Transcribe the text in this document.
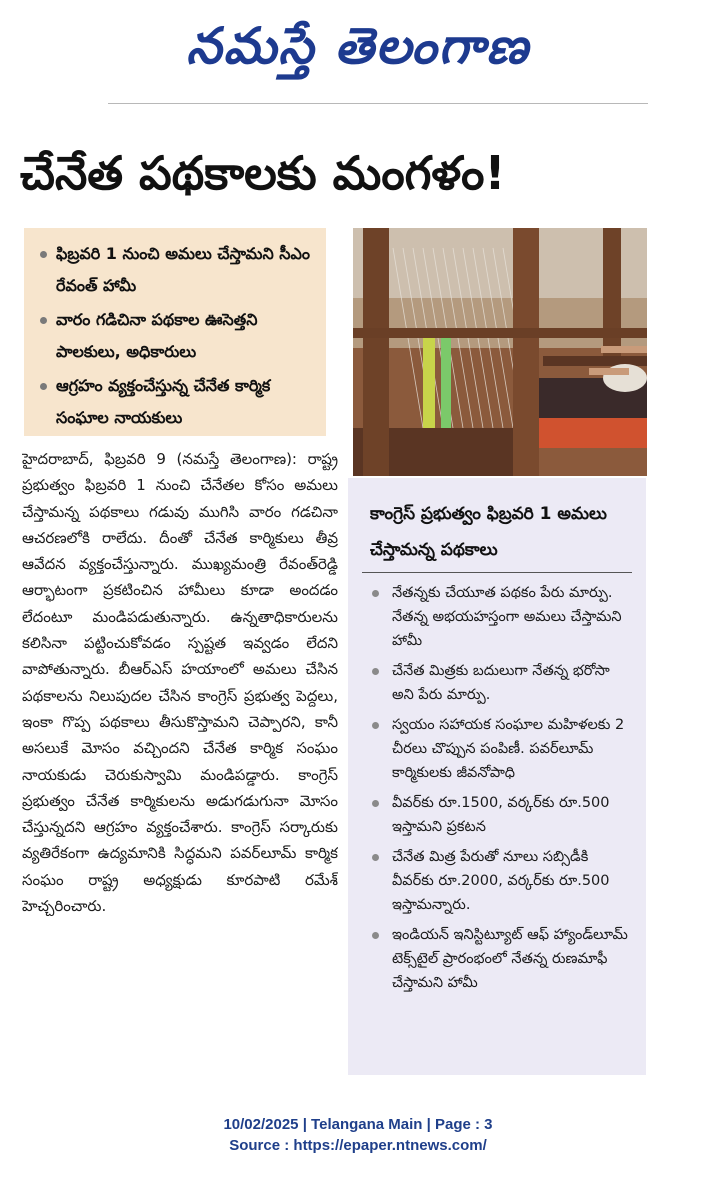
నమస్తే తెలంగాణ
చేనేత పథకాలకు మంగళం!
ఫిబ్రవరి 1 నుంచి అమలు చేస్తామని సీఎం రేవంత్ హామీ
వారం గడిచినా పథకాల ఊసెత్తని పాలకులు, అధికారులు
ఆగ్రహం వ్యక్తంచేస్తున్న చేనేత కార్మిక సంఘాల నాయకులు
హైదరాబాద్, ఫిబ్రవరి 9 (నమస్తే తెలంగాణ): రాష్ట్ర ప్రభుత్వం ఫిబ్రవరి 1 నుంచి చేనేతల కోసం అమలు చేస్తామన్న పథకాలు గడువు ముగిసి వారం గడచినా ఆచరణలోకి రాలేదు. దీంతో చేనేత కార్మికులు తీవ్ర ఆవేదన వ్యక్తంచేస్తున్నారు. ముఖ్యమంత్రి రేవంత్‌రెడ్డి ఆర్భాటంగా ప్రకటించిన హామీలు కూడా అందడం లేదంటూ మండిపడుతున్నారు. ఉన్నతాధికారులను కలిసినా పట్టించుకోవడం స్పష్టత ఇవ్వడం లేదని వాపోతున్నారు. బీఆర్‌ఎస్ హయాంలో అమలు చేసిన పథకాలను నిలుపుదల చేసిన కాంగ్రెస్ ప్రభుత్వ పెద్దలు, ఇంకా గొప్ప పథకాలు తీసుకొస్తామని చెప్పారని, కానీ అసలుకే మోసం వచ్చిందని చేనేత కార్మిక సంఘం నాయకుడు చెరుకుస్వామి మండిపడ్డారు. కాంగ్రెస్ ప్రభుత్వం చేనేత కార్మికులను అడుగడుగునా మోసం చేస్తున్నదని ఆగ్రహం వ్యక్తంచేశారు. కాంగ్రెస్ సర్కారుకు వ్యతిరేకంగా ఉద్యమానికి సిద్ధమని పవర్‌లూమ్ కార్మిక సంఘం రాష్ట్ర అధ్యక్షుడు కూరపాటి రమేశ్ హెచ్చరించారు.
కాంగ్రెస్ ప్రభుత్వం ఫిబ్రవరి 1 అమలు చేస్తామన్న పథకాలు
నేతన్నకు చేయూత పథకం పేరు మార్పు. నేతన్న అభయహస్తంగా అమలు చేస్తామని హామీ
చేనేత మిత్రకు బదులుగా నేతన్న భరోసా అని పేరు మార్పు.
స్వయం సహాయక సంఘాల మహిళలకు 2 చీరలు చొప్పున పంపిణీ. పవర్‌లూమ్ కార్మికులకు జీవనోపాధి
వీవర్‌కు రూ.1500, వర్కర్‌కు రూ.500 ఇస్తామని ప్రకటన
చేనేత మిత్ర పేరుతో నూలు సబ్సిడీకి వీవర్‌కు రూ.2000, వర్కర్‌కు రూ.500 ఇస్తామన్నారు.
ఇండియన్ ఇనిస్టిట్యూట్ ఆఫ్ హ్యాండ్‌లూమ్ టెక్స్‌టైల్ ప్రారంభంలో నేతన్న రుణమాఫీ చేస్తామని హామీ
10/02/2025 | Telangana Main | Page : 3
Source : https://epaper.ntnews.com/
